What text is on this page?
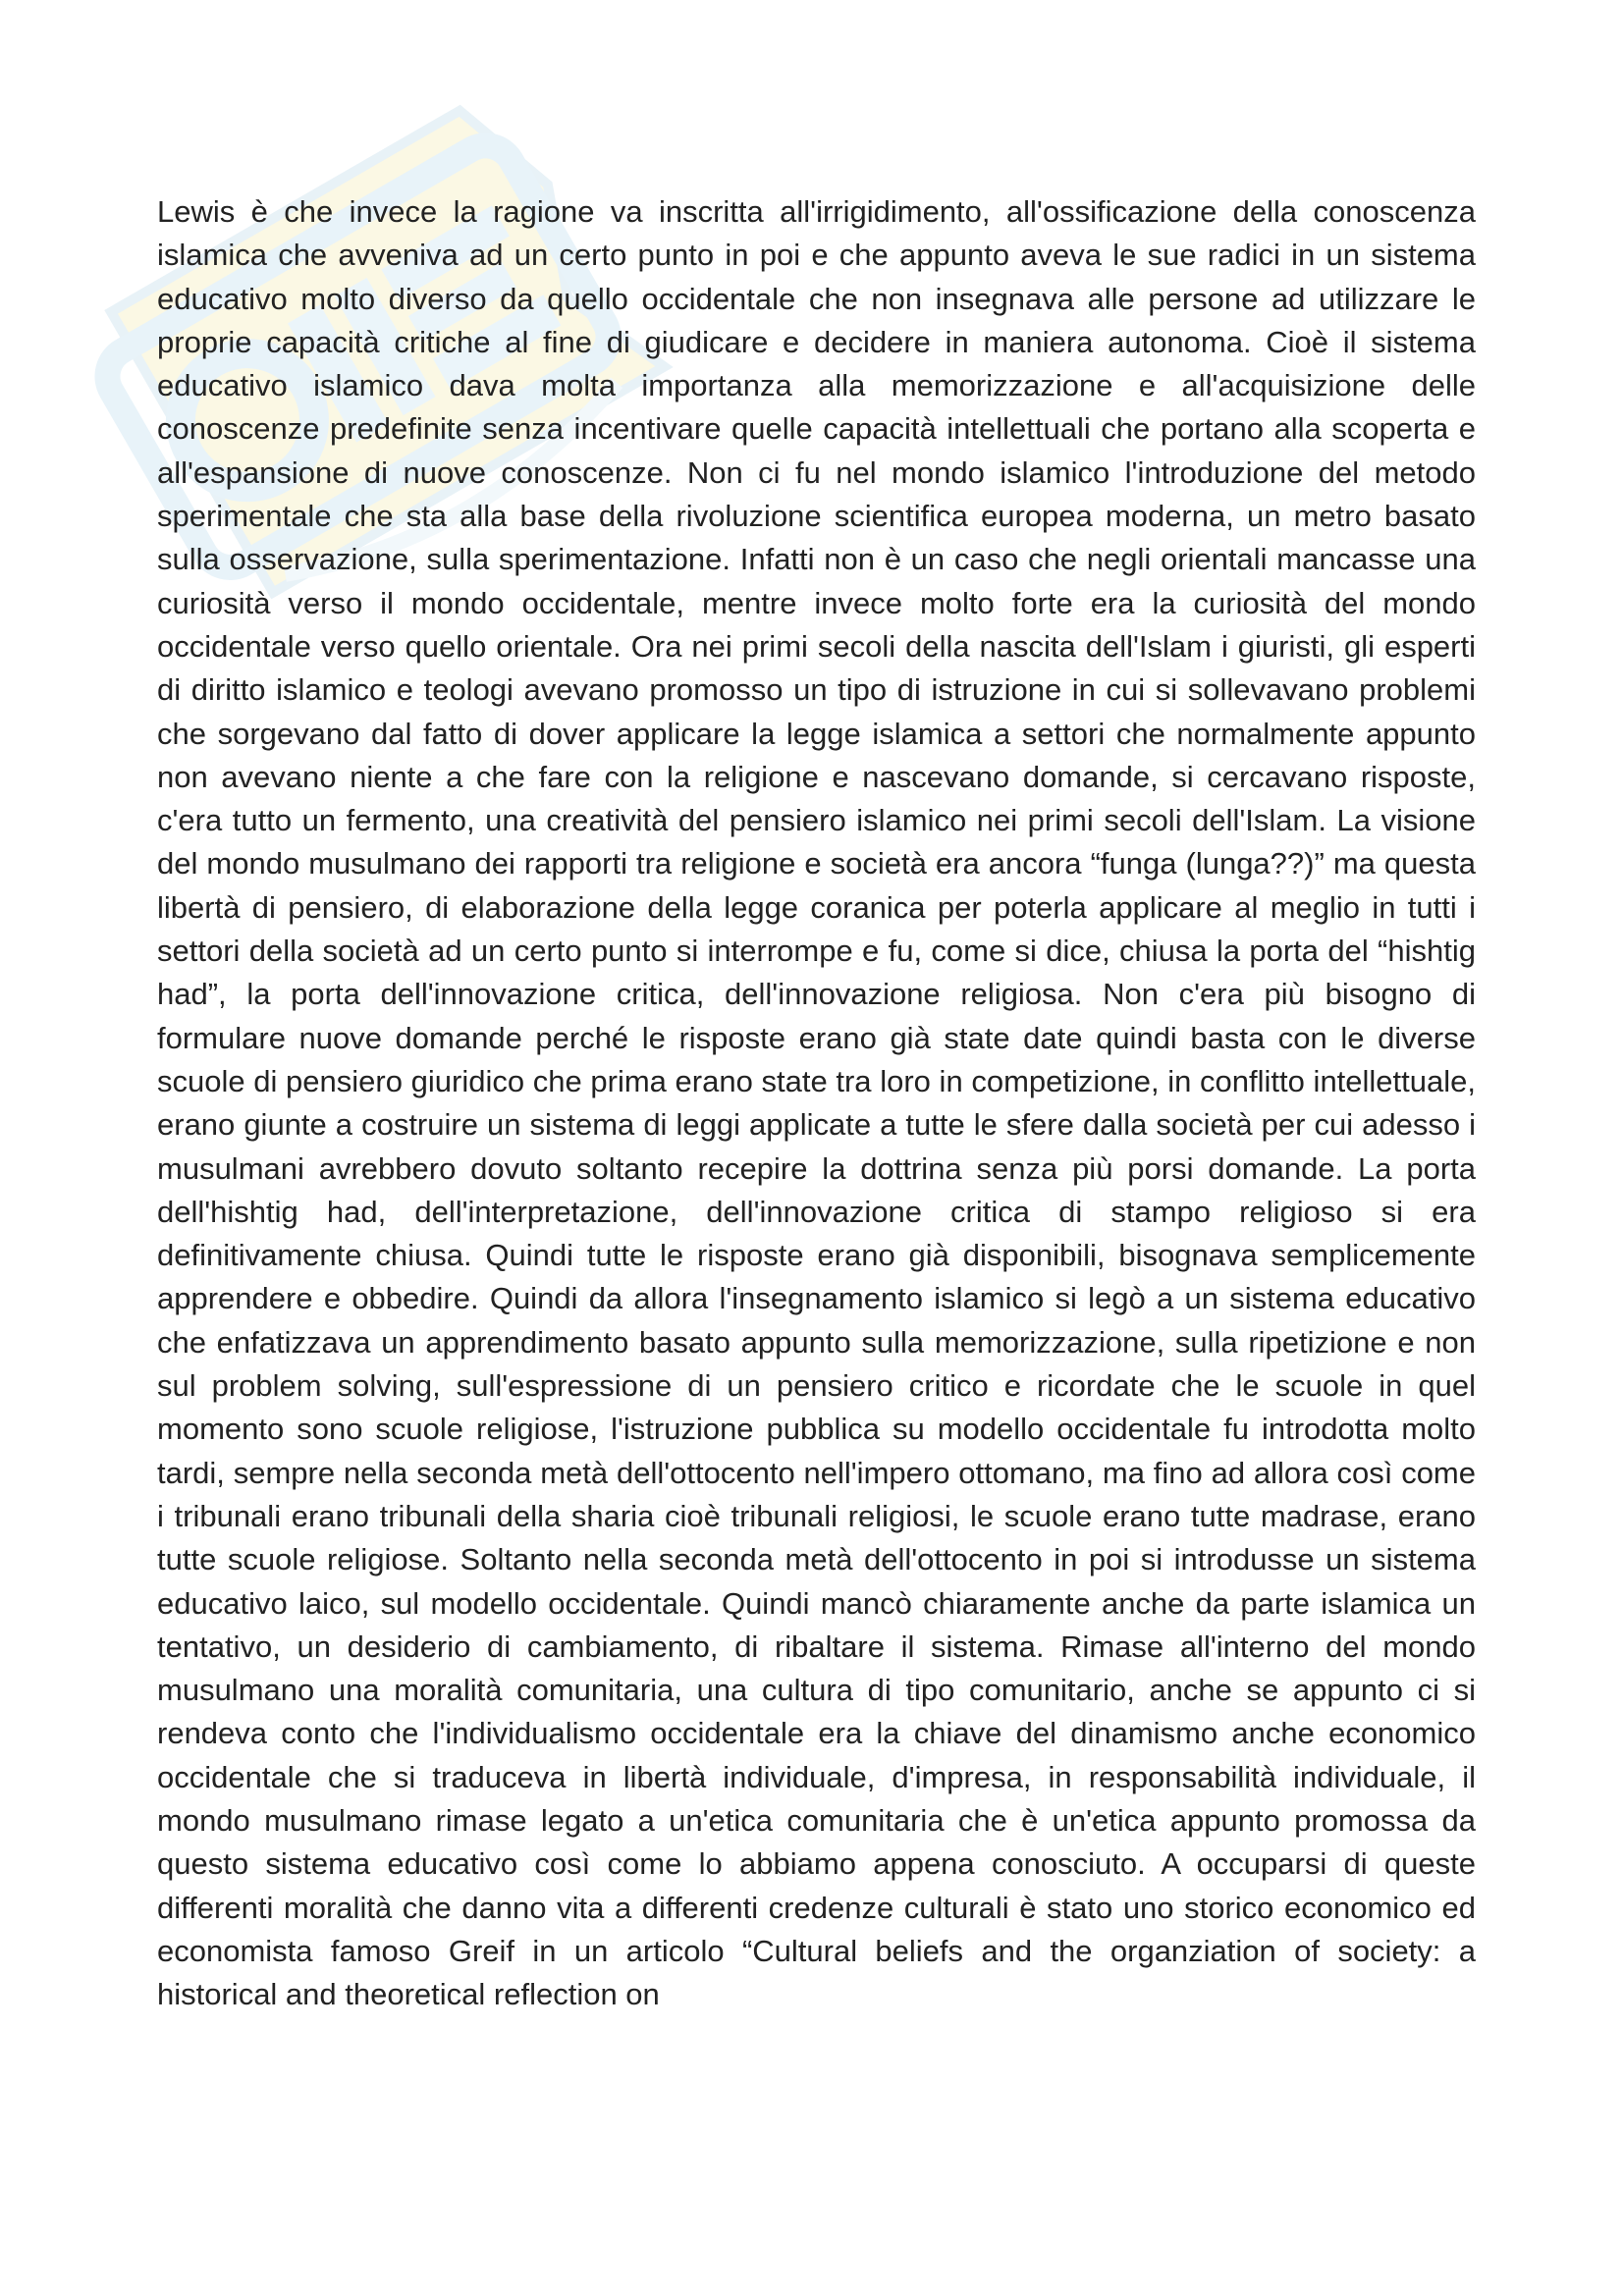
Lewis è che invece la ragione va inscritta all'irrigidimento, all'ossificazione della conoscenza islamica che avveniva ad un certo punto in poi e che appunto aveva le sue radici in un sistema educativo molto diverso da quello occidentale che non insegnava alle persone ad utilizzare le proprie capacità critiche al fine di giudicare e decidere in maniera autonoma. Cioè il sistema educativo islamico dava molta importanza alla memorizzazione e all'acquisizione delle conoscenze predefinite senza incentivare quelle capacità intellettuali che portano alla scoperta e all'espansione di nuove conoscenze. Non ci fu nel mondo islamico l'introduzione del metodo sperimentale che sta alla base della rivoluzione scientifica europea moderna, un metro basato sulla osservazione, sulla sperimentazione. Infatti non è un caso che negli orientali mancasse una curiosità verso il mondo occidentale, mentre invece molto forte era la curiosità del mondo occidentale verso quello orientale. Ora nei primi secoli della nascita dell'Islam i giuristi, gli esperti di diritto islamico e teologi avevano promosso un tipo di istruzione in cui si sollevavano problemi che sorgevano dal fatto di dover applicare la legge islamica a settori che normalmente appunto non avevano niente a che fare con la religione e nascevano domande, si cercavano risposte, c'era tutto un fermento, una creatività del pensiero islamico nei primi secoli dell'Islam. La visione del mondo musulmano dei rapporti tra religione e società era ancora “funga (lunga??)” ma questa libertà di pensiero, di elaborazione della legge coranica per poterla applicare al meglio in tutti i settori della società ad un certo punto si interrompe e fu, come si dice, chiusa la porta del “hishtig had”, la porta dell'innovazione critica, dell'innovazione religiosa. Non c'era più bisogno di formulare nuove domande perché le risposte erano già state date quindi basta con le diverse scuole di pensiero giuridico che prima erano state tra loro in competizione, in conflitto intellettuale, erano giunte a costruire un sistema di leggi applicate a tutte le sfere dalla società per cui adesso i musulmani avrebbero dovuto soltanto recepire la dottrina senza più porsi domande. La porta dell'hishtig had, dell'interpretazione, dell'innovazione critica di stampo religioso si era definitivamente chiusa. Quindi tutte le risposte erano già disponibili, bisognava semplicemente apprendere e obbedire. Quindi da allora l'insegnamento islamico si legò a un sistema educativo che enfatizzava un apprendimento basato appunto sulla memorizzazione, sulla ripetizione e non sul problem solving, sull'espressione di un pensiero critico e ricordate che le scuole in quel momento sono scuole religiose, l'istruzione pubblica su modello occidentale fu introdotta molto tardi, sempre nella seconda metà dell'ottocento nell'impero ottomano, ma fino ad allora così come i tribunali erano tribunali della sharia cioè tribunali religiosi, le scuole erano tutte madrase, erano tutte scuole religiose. Soltanto nella seconda metà dell'ottocento in poi si introdusse un sistema educativo laico, sul modello occidentale. Quindi mancò chiaramente anche da parte islamica un tentativo, un desiderio di cambiamento, di ribaltare il sistema. Rimase all'interno del mondo musulmano una moralità comunitaria, una cultura di tipo comunitario, anche se appunto ci si rendeva conto che l'individualismo occidentale era la chiave del dinamismo anche economico occidentale che si traduceva in libertà individuale, d'impresa, in responsabilità individuale, il mondo musulmano rimase legato a un'etica comunitaria che è un'etica appunto promossa da questo sistema educativo così come lo abbiamo appena conosciuto. A occuparsi di queste differenti moralità che danno vita a differenti credenze culturali è stato uno storico economico ed economista famoso Greif in un articolo “Cultural beliefs and the organziation of society: a historical and theoretical reflection on
